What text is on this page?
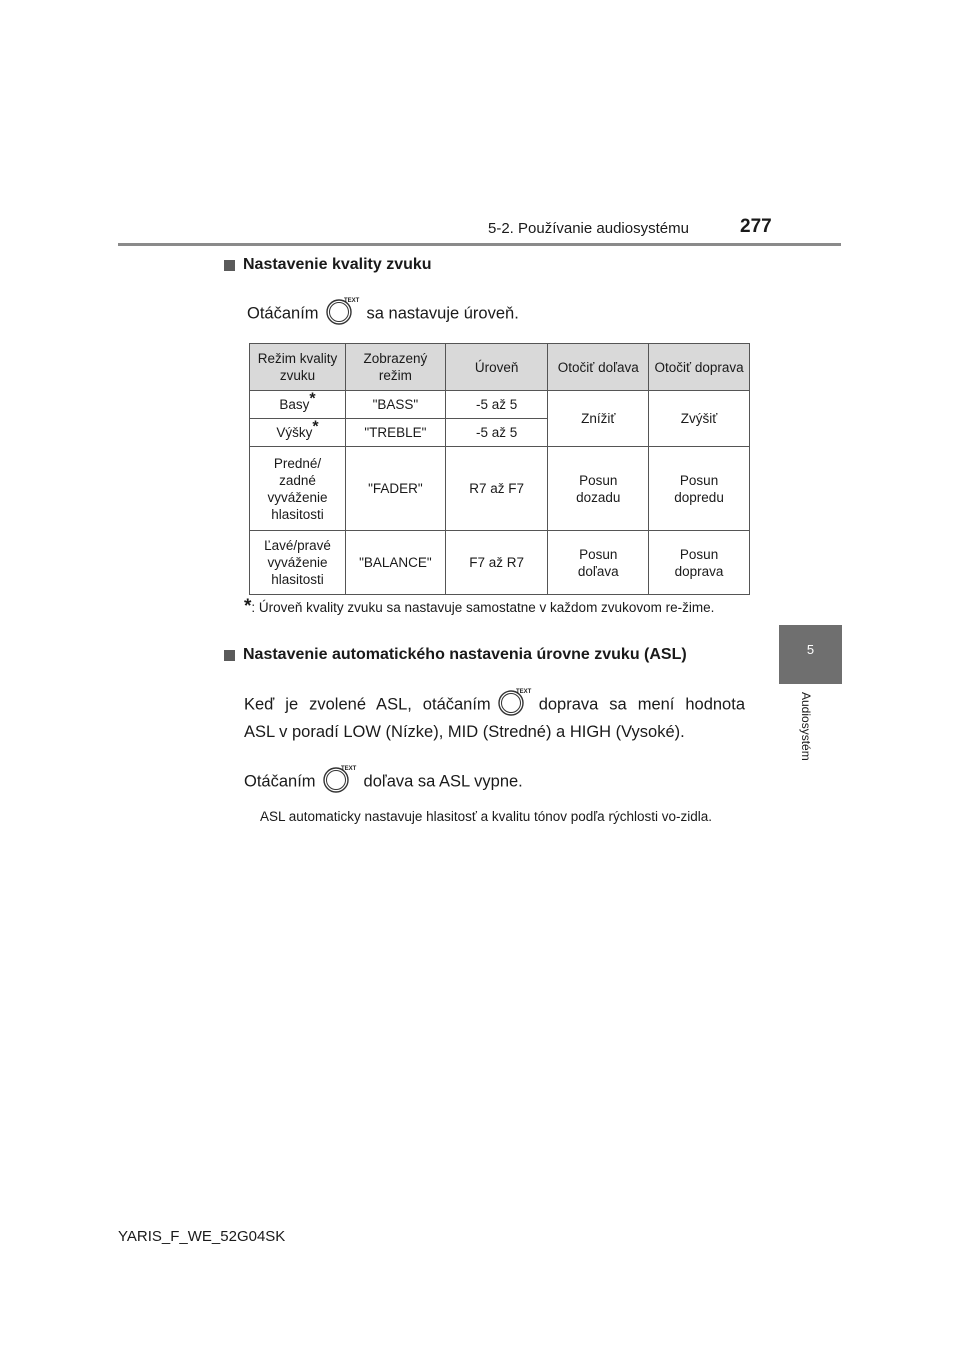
5-2. Používanie audiosystému	277
5
Audiosystém
Nastavenie kvality zvuku
Otáčaním
TEXT
sa nastavuje úroveň.
Režim kvality zvuku	Zobrazený režim	Úroveň	Otočiť doľava	Otočiť doprava
Basy*	"BASS"	-5 až 5	Znížiť	Zvýšiť
Výšky*	"TREBLE"	-5 až 5		

Predné/ zadné vyváženie hlasitosti	"FADER"	R7 až F7	Posun dozadu	Posun dopredu

Ľavé/pravé vyváženie hlasitosti	"BALANCE"	F7 až R7	Posun doľava	Posun doprava
*: Úroveň kvality zvuku sa nastavuje samostatne v každom zvukovom re-žime.
Nastavenie automatického nastavenia úrovne zvuku (ASL)
Keď je zvolené ASL, otáčaním
TEXT
doprava sa mení hodnota
ASL v poradí LOW (Nízke), MID (Stredné) a HIGH (Vysoké).
Otáčaním
TEXT
doľava sa ASL vypne.
ASL automaticky nastavuje hlasitosť a kvalitu tónov podľa rýchlosti vo-zidla.
YARIS_F_WE_52G04SK
